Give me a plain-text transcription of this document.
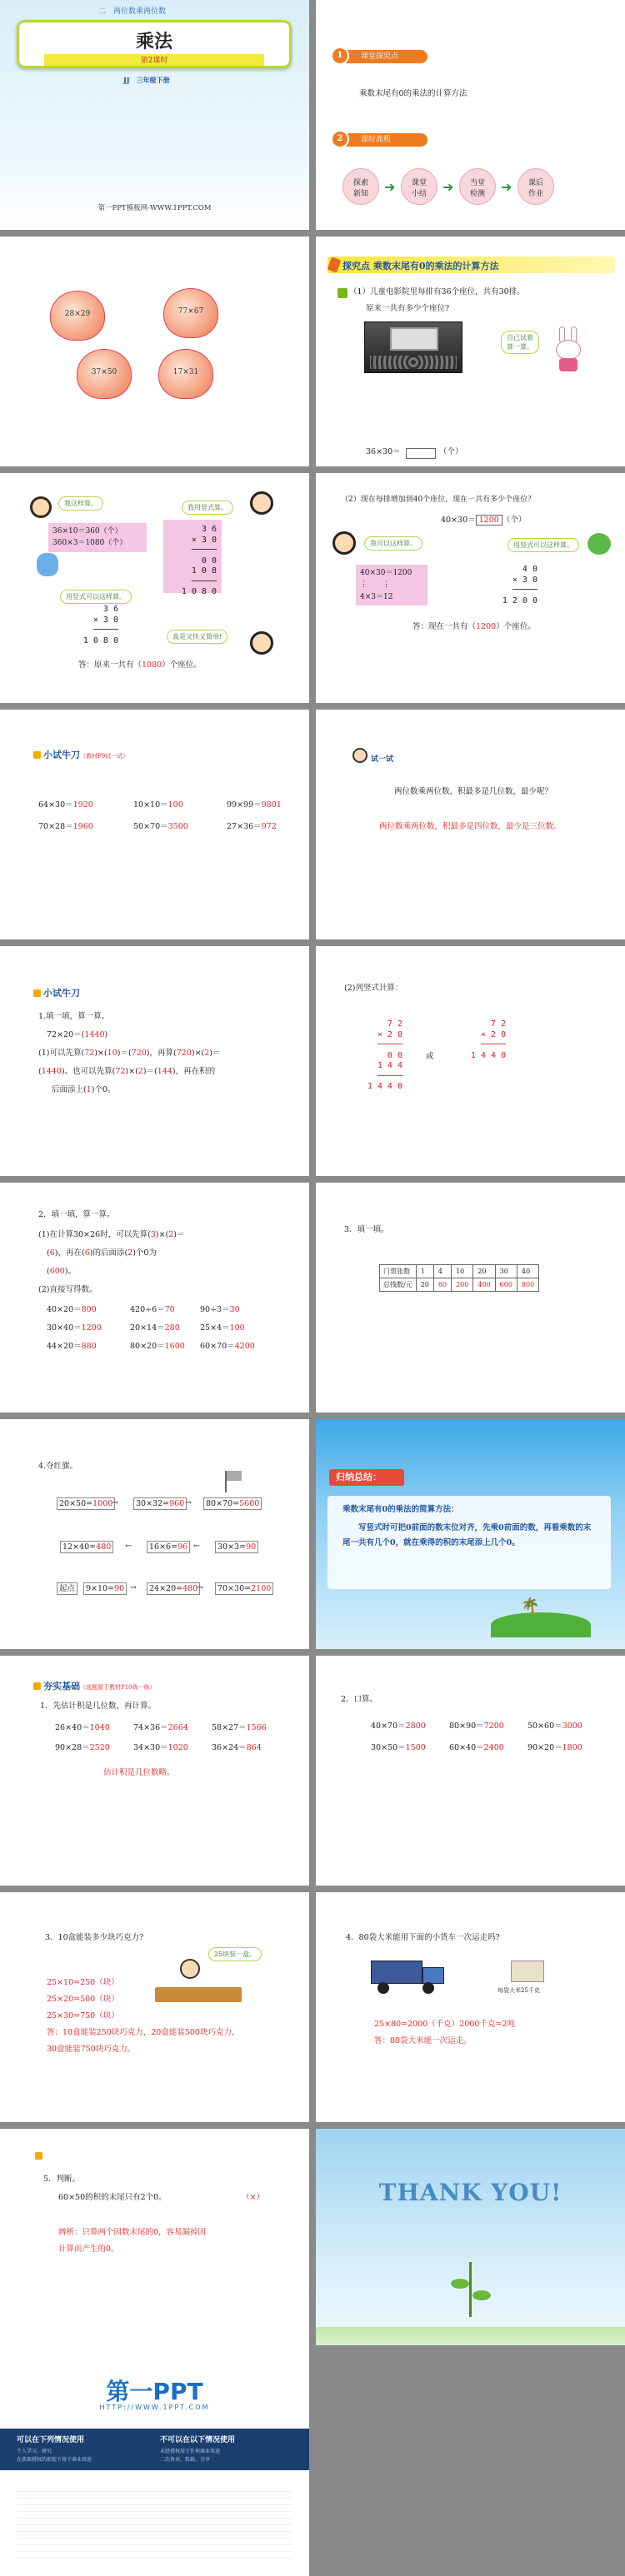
二　两位数乘两位数
乘法
第2课时
JJ　三年级下册
第一PPT模板网-WWW.1PPT.COM
课堂探究点
1
乘数末尾有0的乘法的计算方法
课时流程
2
探索
新知	➜	课堂
小结	➜	当堂
检测	➜	课后
作业
28×29	77×67
37×50	17×31
探究点 乘数末尾有0的乘法的计算方法
（1）儿童电影院里每排有36个座位，共有30排。
原来一共有多少个座位?
自己试着
算一算。
36×30＝	（个）
我这样算。
36×10＝360（个）
360×3＝1080（个）
我用竖式算。
3 6
× 3 0
─────
0 0
1 0 8
─────
1 0 8 0
用竖式可以这样算。
3 6
× 3 0
─────
1 0 8 0	真是又快又简单!
答：原来一共有（1080）个座位。
（2）现在每排增加到40个座位，现在一共有多少个座位？
40×30＝ 1200 （个）
我可以这样算。	用竖式可以这样算。
40×30＝1200
⋮　　⋮
4×3＝12
4 0
× 3 0
─────
1 2 0 0
答：现在一共有（1200）个座位。
小试牛刀（教材P9试一试）
64×30＝1920	10×10＝100	99×99＝9801
70×28＝1960	50×70＝3500	27×36＝972
试一试
两位数乘两位数，积最多是几位数，最少呢？
两位数乘两位数，积最多是四位数，最少是三位数。
小试牛刀
1.填一填，算一算。
72×20＝(1440)
(1)可以先算(72)×(10)＝(720)，再算(720)×(2)＝
(1440)。也可以先算(72)×(2)＝(144)，再在积的
后面添上(1)个0。
(2)列竖式计算：
7 2
× 2 0
─────
0 0
1 4 4
─────
1 4 4 0
或
7 2
× 2 0
─────
1 4 4 0
2．填一填，算一算。
(1)在计算30×26时，可以先算(3)×(2)＝
(6)，再在(6)的后面添(2)个0为
(600)。
(2)直接写得数。
40×20＝800	420÷6＝70	90÷3＝30
30×40＝1200	20×14＝280	25×4＝100
44×20＝880	80×20＝1600 60×70＝4200
3．填一填。
门票张数	1	4	10	20	30	40
总钱数/元	20	80	200	400	600	800
4.夺红旗。
20×50=1000
→	30×32=960 →	80×70=5600
12×40=480	←	16×6=96 ←	30×3=90
起点	9×10=90 →	24×20=480
→	70×30=2100
归纳总结：
乘数末尾有0的乘法的简算方法：
写竖式时可把0前面的数末位对齐，先乘0前面的数，再看乘数的末尾一共有几个0，就在乘得的积的末尾添上几个0。
🌴
夯实基础（选题源于教材P10练一练）
1．先估计积是几位数，再计算。
26×40＝1040	74×36＝2664	58×27＝1566
90×28＝2520	34×30＝1020	36×24＝864
估计积是几位数略。
2．口算。
40×70＝2800	80×90＝7200	50×60＝3000
30×50＝1500	60×40＝2400	90×20＝1800
3．10盒能装多少块巧克力?
25块装一盒。
25×10=250（块）
25×20=500（块）
25×30=750（块）
答：10盒能装250块巧克力，20盒能装500块巧克力，
30盒能装750块巧克力。
4．80袋大米能用下面的小货车一次运走吗?
每袋大米25千克
25×80=2000（千克）2000千克=2吨
答：80袋大米能一次运走。
5．判断。
60×50的积的末尾只有2个0。	（×）
辨析：只算两个因数末尾的0，容易漏掉因
计算而产生的0。
THANK YOU!
第一PPT
HTTP://WWW.1PPT.COM
可以在下列情况使用
个人学习、研究
在获取授权的前提下用于商业用途
不可以在以下情况使用
未经授权用于任何商业用途
二次售卖、转载、分享
